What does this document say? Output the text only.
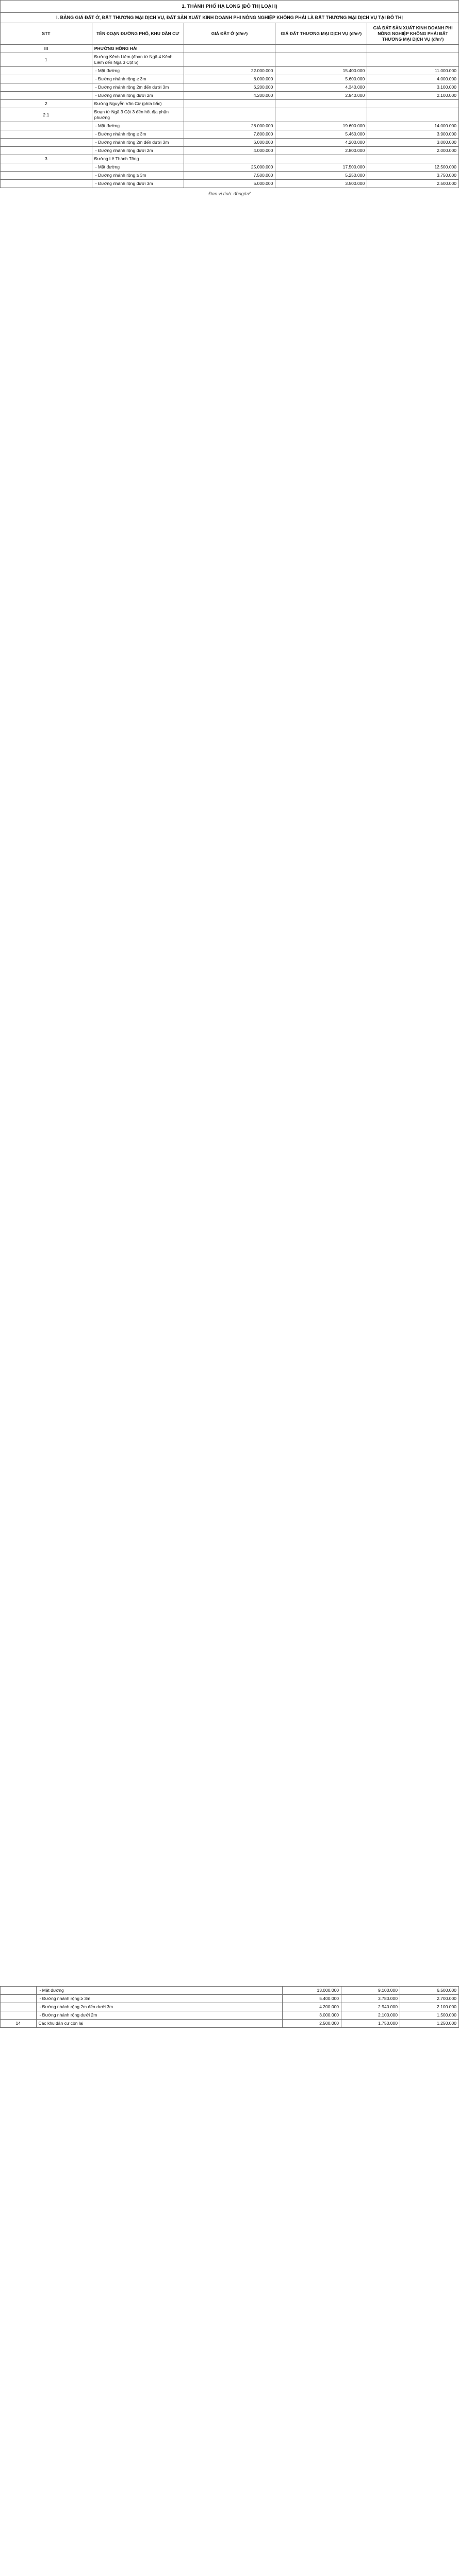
1. THÀNH PHỐ HẠ LONG (ĐÔ THỊ LOẠI I)				
I. BẢNG GIÁ ĐẤT Ở, ĐẤT THƯƠNG MẠI DỊCH VỤ, ĐẤT SẢN XUẤT KINH DOANH PHI NÔNG NGHIỆP KHÔNG PHẢI LÀ ĐẤT THƯƠNG MẠI DỊCH VỤ TẠI ĐÔ THỊ				
STT	TÊN ĐOẠN ĐƯỜNG PHỐ, KHU DÂN CƯ	GIÁ ĐẤT Ở (đ/m²)	GIÁ ĐẤT THƯƠNG MẠI DỊCH VỤ (đ/m²)	GIÁ ĐẤT SẢN XUẤT KINH DOANH PHI NÔNG NGHIỆP KHÔNG PHẢI ĐẤT THƯƠNG MẠI DỊCH VỤ (đ/m²)
III	PHƯỜNG HỒNG HẢI			
1	Đường Kênh Liêm (đoạn từ Ngã 4 Kênh Liêm đến Ngã 3 Cột 5)			
	- Mặt đường	22.000.000	15.400.000	11.000.000
	- Đường nhánh rộng ≥ 3m	8.000.000	5.600.000	4.000.000
	- Đường nhánh rộng 2m đến dưới 3m	6.200.000	4.340.000	3.100.000
	- Đường nhánh rộng dưới 2m	4.200.000	2.940.000	2.100.000
2	Đường Nguyễn Văn Cừ (phía bắc)			
2.1	Đoạn từ Ngã 3 Cột 3 đến hết địa phận phường			
	- Mặt đường	28.000.000	19.600.000	14.000.000
	- Đường nhánh rộng ≥ 3m	7.800.000	5.460.000	3.900.000
	- Đường nhánh rộng 2m đến dưới 3m	6.000.000	4.200.000	3.000.000
	- Đường nhánh rộng dưới 2m	4.000.000	2.800.000	2.000.000
3	Đường Lê Thánh Tông			
	- Mặt đường	25.000.000	17.500.000	12.500.000
	- Đường nhánh rộng ≥ 3m	7.500.000	5.250.000	3.750.000
	- Đường nhánh rộng dưới 3m	5.000.000	3.500.000	2.500.000
Đơn vị tính: đồng/m²
	- Mặt đường	13.000.000	9.100.000	6.500.000
	- Đường nhánh rộng ≥ 3m	5.400.000	3.780.000	2.700.000
	- Đường nhánh rộng 2m đến dưới 3m	4.200.000	2.940.000	2.100.000
	- Đường nhánh rộng dưới 2m	3.000.000	2.100.000	1.500.000
14	Các khu dân cư còn lại	2.500.000	1.750.000	1.250.000
